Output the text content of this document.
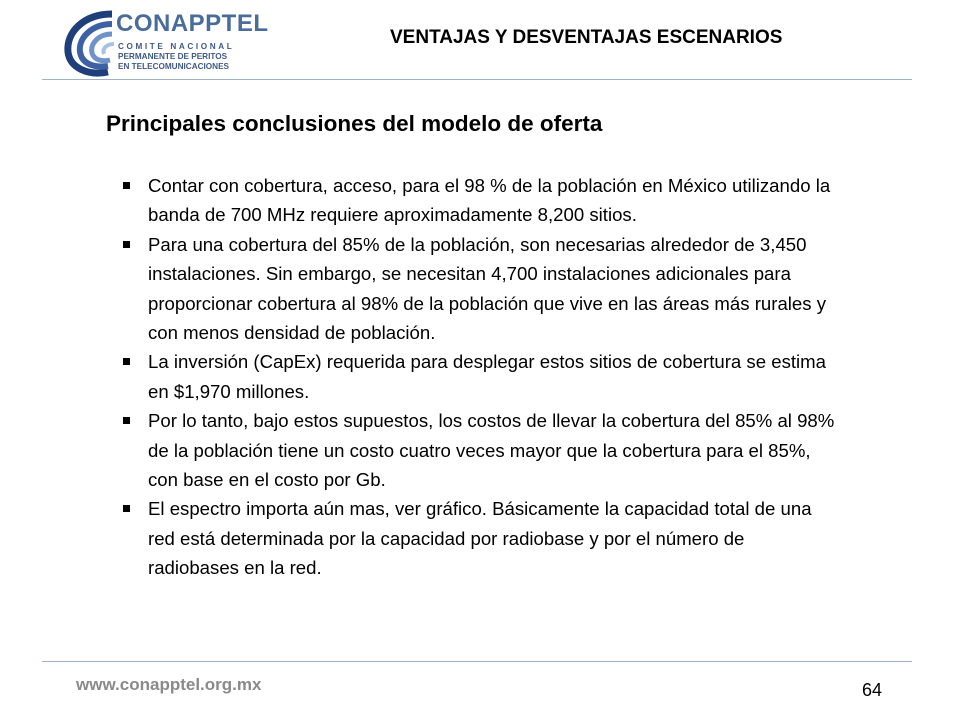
CONAPPTEL
COMITE NACIONAL
PERMANENTE DE PERITOS
EN TELECOMUNICACIONES
VENTAJAS Y DESVENTAJAS ESCENARIOS
Principales conclusiones del modelo de oferta
Contar con cobertura, acceso, para el 98 % de la población en México utilizando la banda de 700 MHz requiere aproximadamente 8,200 sitios.
Para una cobertura del 85% de la población, son necesarias alrededor de 3,450 instalaciones. Sin embargo, se necesitan 4,700 instalaciones adicionales para proporcionar cobertura al 98% de la población que vive en las áreas más rurales y con menos densidad de población.
La inversión (CapEx) requerida para desplegar estos sitios de cobertura se estima en $1,970 millones.
Por lo tanto, bajo estos supuestos, los costos de llevar la cobertura del 85% al 98% de la población tiene un costo cuatro veces mayor que la cobertura para el 85%, con base en el costo por Gb.
El espectro importa aún mas, ver gráfico. Básicamente la capacidad total de una red está determinada por la capacidad por radiobase y por el número de radiobases en la red.
www.conapptel.org.mx	64
